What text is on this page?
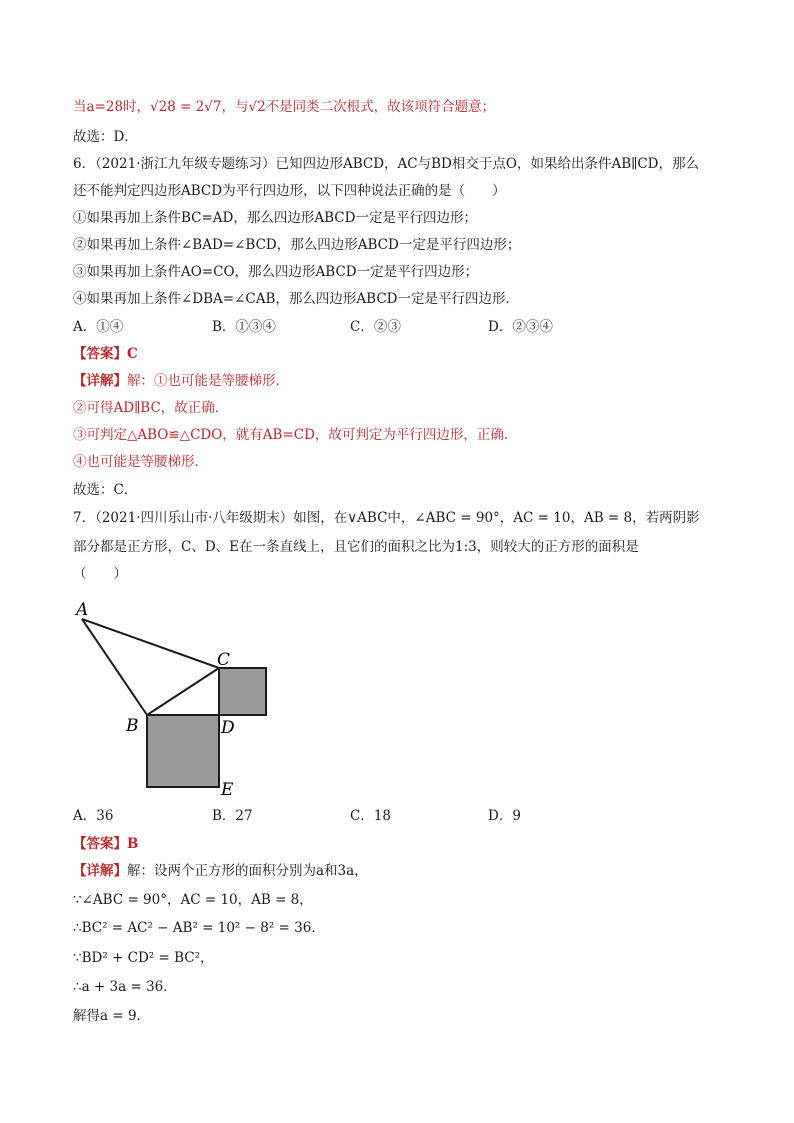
当a=28时，√28 = 2√7，与√2不是同类二次根式，故该项符合题意；
故选：D．
6．（2021·浙江九年级专题练习）已知四边形ABCD，AC与BD相交于点O，如果给出条件AB∥CD，那么
还不能判定四边形ABCD为平行四边形，以下四种说法正确的是（　　）
①如果再加上条件BC=AD，那么四边形ABCD一定是平行四边形；
②如果再加上条件∠BAD=∠BCD，那么四边形ABCD一定是平行四边形；
③如果再加上条件AO=CO，那么四边形ABCD一定是平行四边形；
④如果再加上条件∠DBA=∠CAB，那么四边形ABCD一定是平行四边形．
A．①④	B．①③④	C．②③	D．②③④
【答案】C
【详解】解：①也可能是等腰梯形．
②可得AD∥BC，故正确．
③可判定△ABO≌△CDO，就有AB=CD，故可判定为平行四边形，正确．
④也可能是等腰梯形．
故选：C．
7．（2021·四川乐山市·八年级期末）如图，在∨ABC中，∠ABC = 90°，AC = 10，AB = 8，若两阴影
部分都是正方形，C、D、E在一条直线上，且它们的面积之比为1:3，则较大的正方形的面积是
（　　）
A
B
C
D
E
A．36	B．27	C．18	D．9
【答案】B
【详解】解：设两个正方形的面积分别为a和3a，
∵∠ABC = 90°，AC = 10，AB = 8，
∴BC² = AC² − AB² = 10² − 8² = 36．
∵BD² + CD² = BC²，
∴a + 3a = 36．
解得a = 9．
